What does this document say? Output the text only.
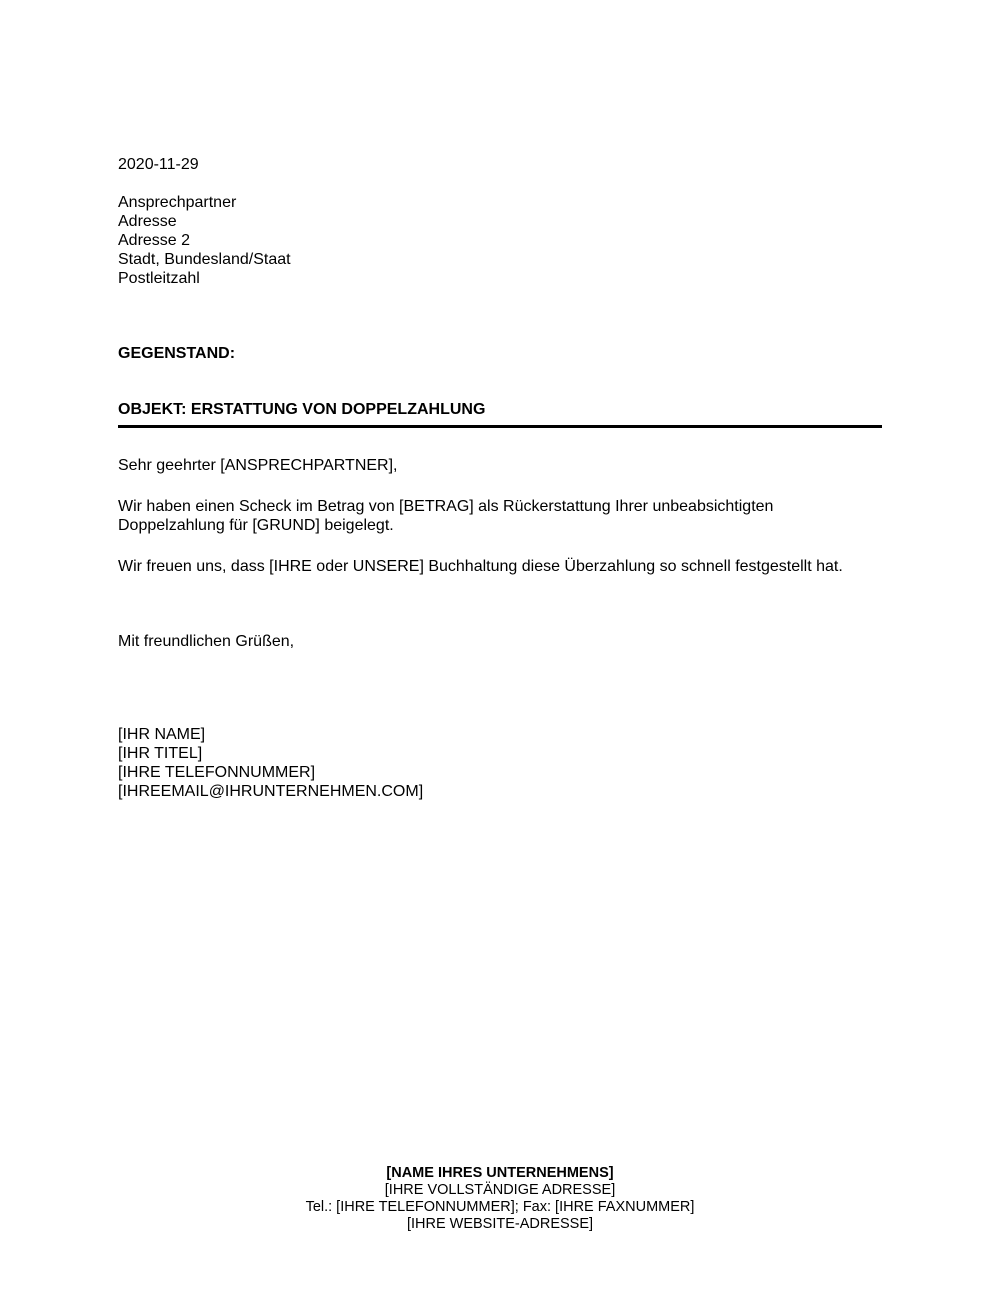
2020-11-29
Ansprechpartner
Adresse
Adresse 2
Stadt, Bundesland/Staat
Postleitzahl
GEGENSTAND:
OBJEKT: ERSTATTUNG VON DOPPELZAHLUNG
Sehr geehrter [ANSPRECHPARTNER],
Wir haben einen Scheck im Betrag von [BETRAG] als Rückerstattung Ihrer unbeabsichtigten Doppelzahlung für [GRUND] beigelegt.
Wir freuen uns, dass [IHRE oder UNSERE] Buchhaltung diese Überzahlung so schnell festgestellt hat.
Mit freundlichen Grüßen,
[IHR NAME]
[IHR TITEL]
[IHRE TELEFONNUMMER]
[IHREEMAIL@IHRUNTERNEHMEN.COM]
[NAME IHRES UNTERNEHMENS]
[IHRE VOLLSTÄNDIGE ADRESSE]
Tel.: [IHRE TELEFONNUMMER]; Fax: [IHRE FAXNUMMER]
[IHRE WEBSITE-ADRESSE]
